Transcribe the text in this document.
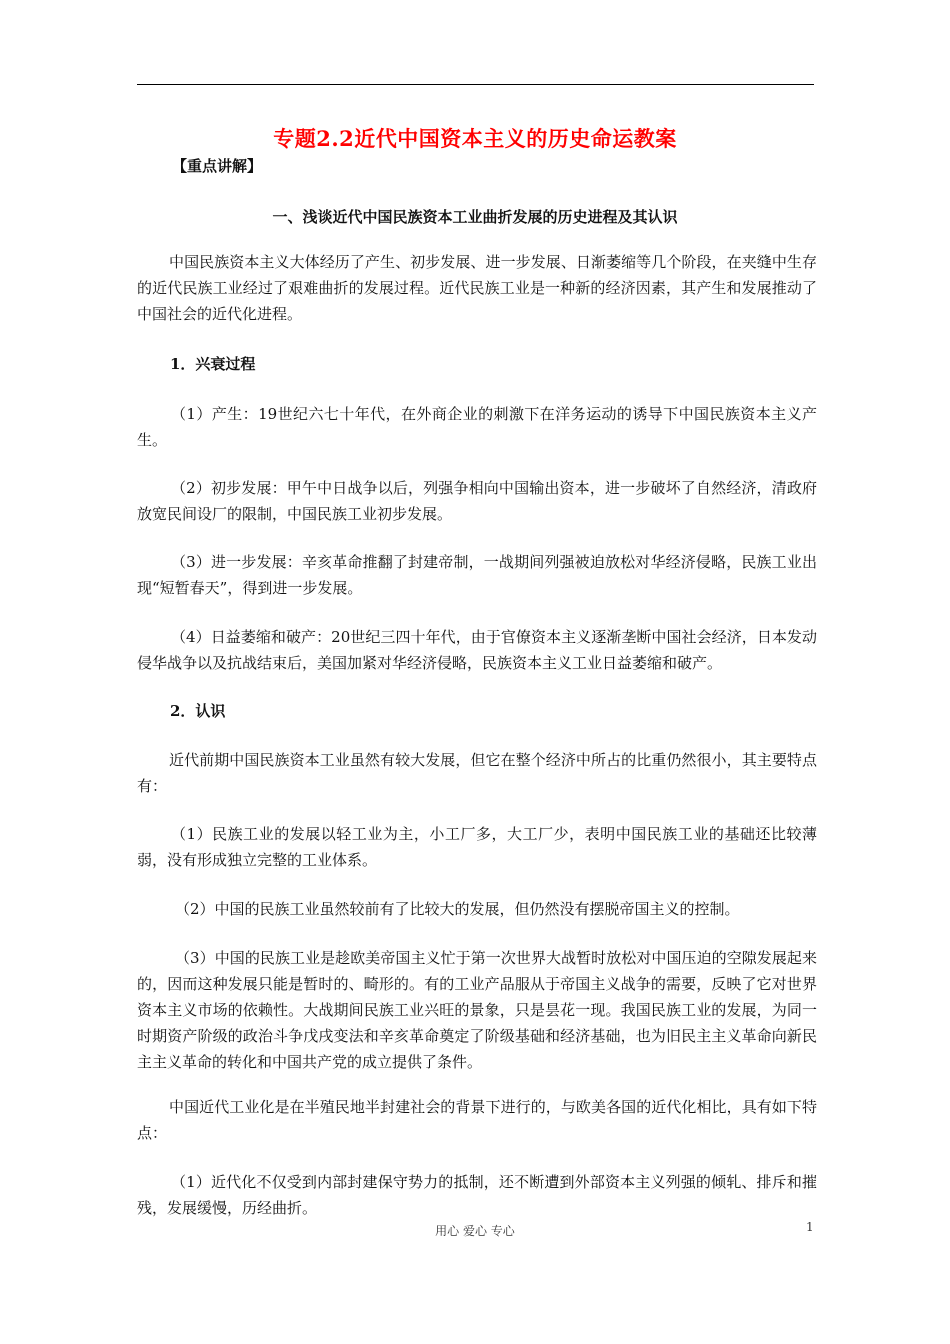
专题2.2近代中国资本主义的历史命运教案
【重点讲解】
一、浅谈近代中国民族资本工业曲折发展的历史进程及其认识

中国民族资本主义大体经历了产生、初步发展、进一步发展、日渐萎缩等几个阶段，在夹缝中生存的近代民族工业经过了艰难曲折的发展过程。近代民族工业是一种新的经济因素，其产生和发展推动了中国社会的近代化进程。

1．兴衰过程

（1）产生：19世纪六七十年代，在外商企业的刺激下在洋务运动的诱导下中国民族资本主义产生。

（2）初步发展：甲午中日战争以后，列强争相向中国输出资本，进一步破坏了自然经济，清政府放宽民间设厂的限制，中国民族工业初步发展。

（3）进一步发展：辛亥革命推翻了封建帝制，一战期间列强被迫放松对华经济侵略，民族工业出现“短暂春天”，得到进一步发展。

（4）日益萎缩和破产：20世纪三四十年代，由于官僚资本主义逐渐垄断中国社会经济，日本发动侵华战争以及抗战结束后，美国加紧对华经济侵略，民族资本主义工业日益萎缩和破产。

2．认识

近代前期中国民族资本工业虽然有较大发展，但它在整个经济中所占的比重仍然很小，其主要特点有：

（1）民族工业的发展以轻工业为主，小工厂多，大工厂少，表明中国民族工业的基础还比较薄弱，没有形成独立完整的工业体系。

（2）中国的民族工业虽然较前有了比较大的发展，但仍然没有摆脱帝国主义的控制。

（3）中国的民族工业是趁欧美帝国主义忙于第一次世界大战暂时放松对中国压迫的空隙发展起来的，因而这种发展只能是暂时的、畸形的。有的工业产品服从于帝国主义战争的需要，反映了它对世界资本主义市场的依赖性。大战期间民族工业兴旺的景象，只是昙花一现。我国民族工业的发展，为同一时期资产阶级的政治斗争戊戌变法和辛亥革命奠定了阶级基础和经济基础，也为旧民主主义革命向新民主主义革命的转化和中国共产党的成立提供了条件。

中国近代工业化是在半殖民地半封建社会的背景下进行的，与欧美各国的近代化相比，具有如下特点：

（1）近代化不仅受到内部封建保守势力的抵制，还不断遭到外部资本主义列强的倾轧、排斥和摧残，发展缓慢，历经曲折。

用心 爱心 专心	1
